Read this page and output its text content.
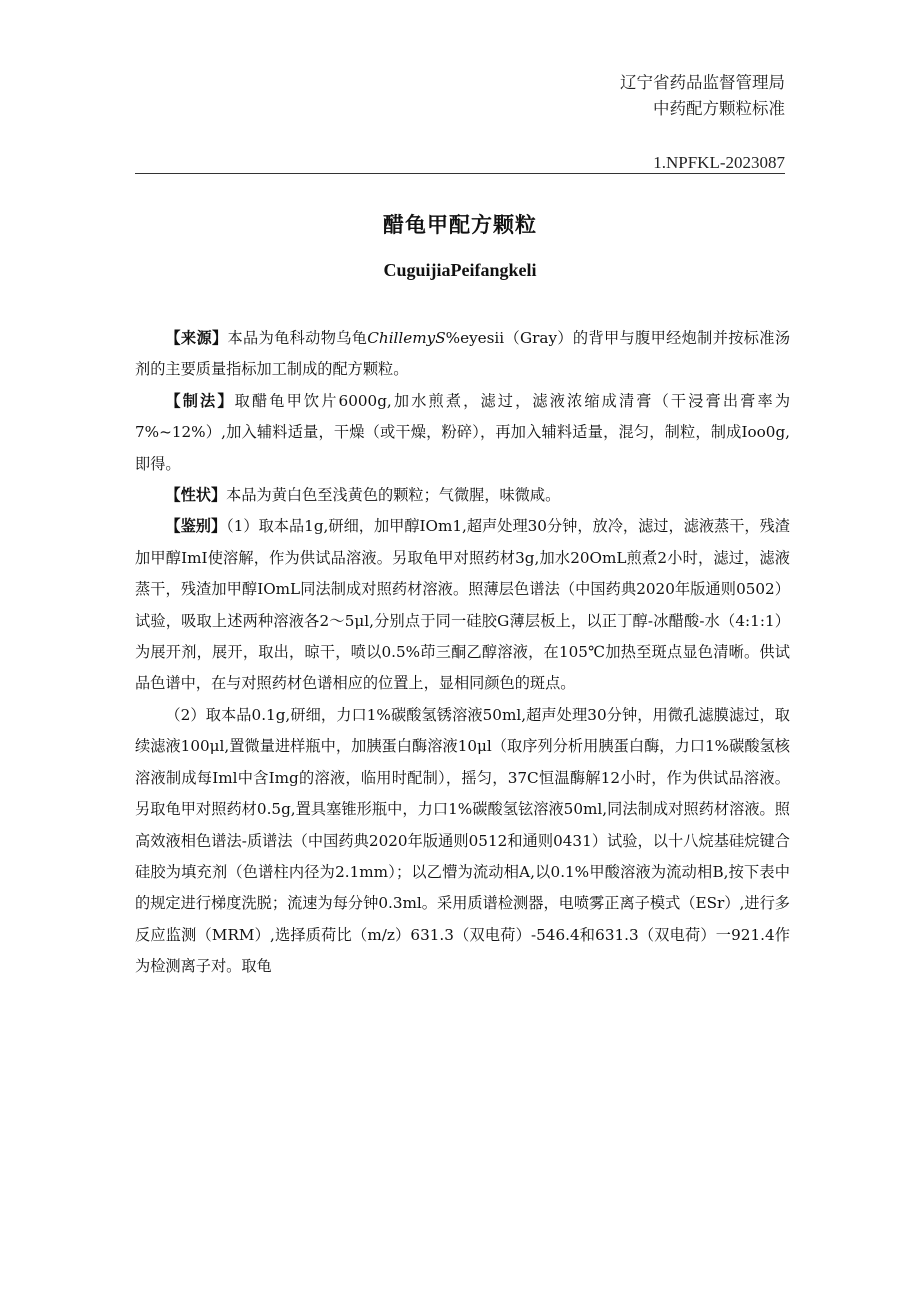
辽宁省药品监督管理局
中药配方颗粒标准
1.NPFKL-2023087
醋龟甲配方颗粒
CuguijiaPeifangkeli

【来源】本品为龟科动物乌龟ChillemyS%eyesii（Gray）的背甲与腹甲经炮制并按标准汤剂的主要质量指标加工制成的配方颗粒。

【制法】取醋龟甲饮片6000g,加水煎煮，滤过，滤液浓缩成清膏（干浸膏出膏率为7%~12%）,加入辅料适量，干燥（或干燥，粉碎），再加入辅料适量，混匀，制粒，制成Ioo0g,即得。

【性状】本品为黄白色至浅黄色的颗粒；气微腥，味微咸。

【鉴别】（1）取本品1g,研细，加甲醇IOm1,超声处理30分钟，放冷，滤过，滤液蒸干，残渣加甲醇ImI使溶解，作为供试品溶液。另取龟甲对照药材3g,加水20OmL煎煮2小时，滤过，滤液蒸干，残渣加甲醇IOmL同法制成对照药材溶液。照薄层色谱法（中国药典2020年版通则0502）试验，吸取上述两种溶液各2～5μl,分别点于同一硅胶G薄层板上，以正丁醇-冰醋酸-水（4:1:1）为展开剂，展开，取出，晾干，喷以0.5%茚三酮乙醇溶液，在105℃加热至斑点显色清晰。供试品色谱中，在与对照药材色谱相应的位置上，显相同颜色的斑点。

（2）取本品0.1g,研细，力口1%碳酸氢锈溶液50ml,超声处理30分钟，用微孔滤膜滤过，取续滤液100μl,置微量进样瓶中，加胰蛋白酶溶液10μl（取序列分析用胰蛋白酶，力口1%碳酸氢核溶液制成每Iml中含Img的溶液，临用时配制），摇匀，37C恒温酶解12小时，作为供试品溶液。另取龟甲对照药材0.5g,置具塞锥形瓶中，力口1%碳酸氢铉溶液50ml,同法制成对照药材溶液。照高效液相色谱法-质谱法（中国药典2020年版通则0512和通则0431）试验，以十八烷基硅烷键合硅胶为填充剂（色谱柱内径为2.1mm）；以乙懵为流动相A,以0.1%甲酸溶液为流动相B,按下表中的规定进行梯度洗脱；流速为每分钟0.3ml。采用质谱检测器，电喷雾正离子模式（ESr）,进行多反应监测（MRM）,选择质荷比（m/z）631.3（双电荷）-546.4和631.3（双电荷）一921.4作为检测离子对。取龟
